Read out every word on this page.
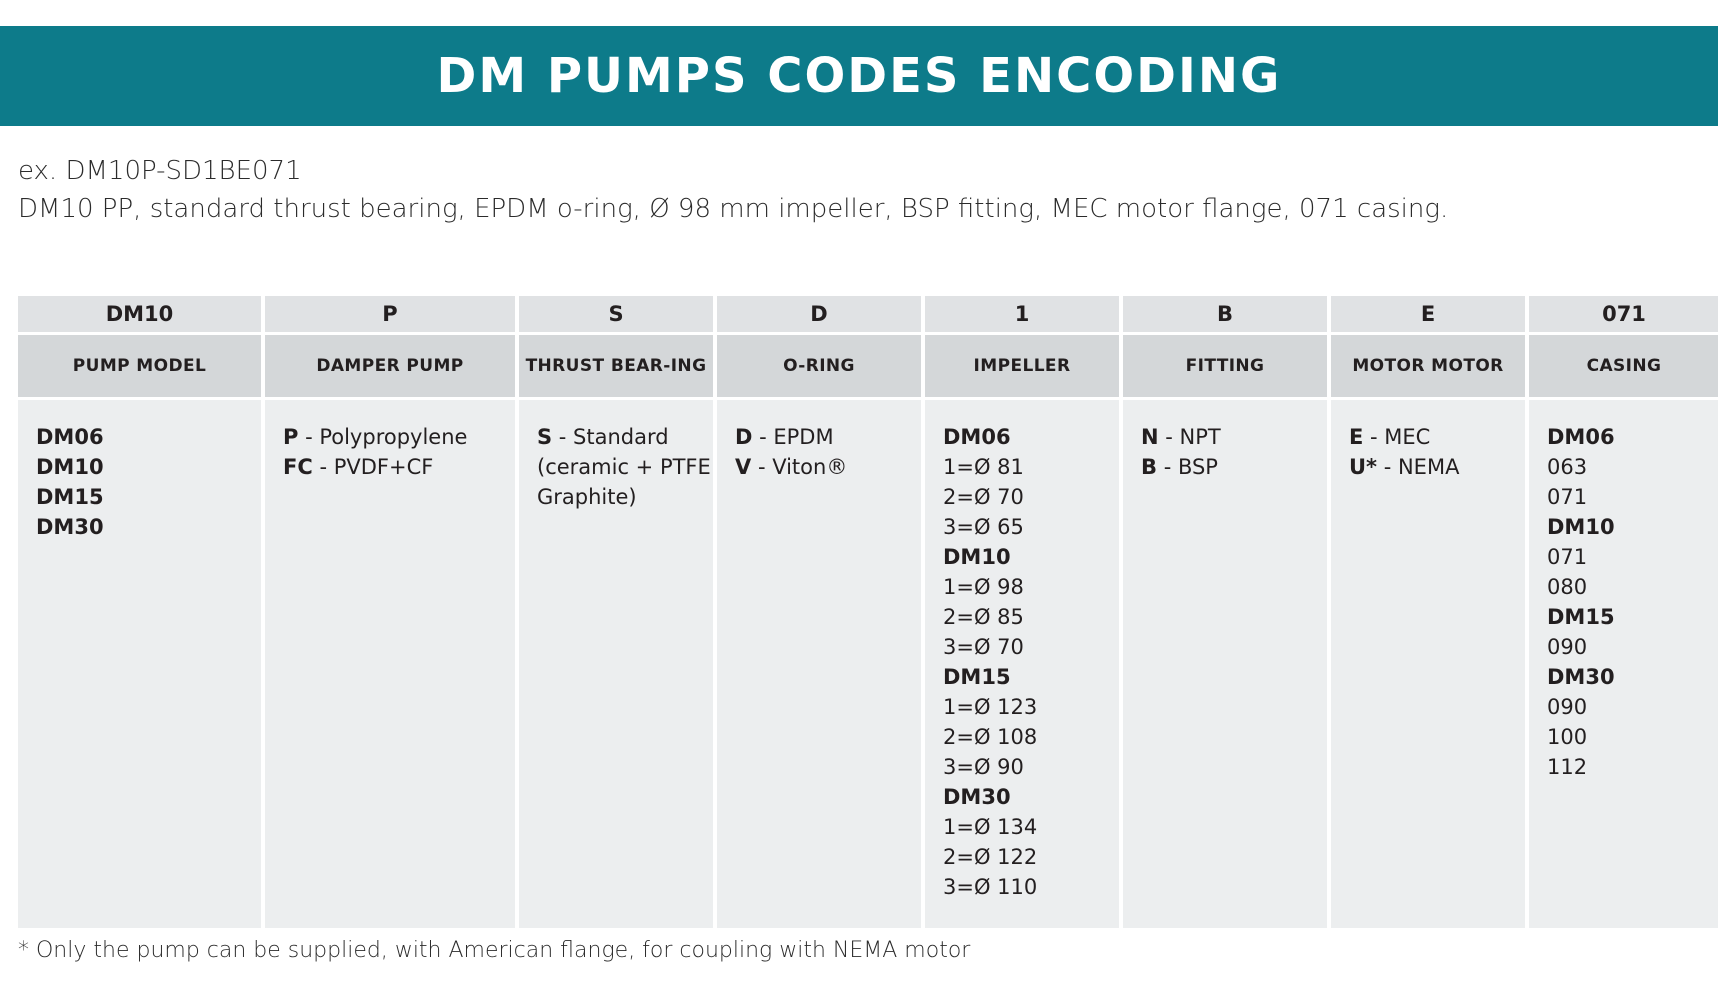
DM PUMPS CODES ENCODING
ex. DM10P-SD1BE071
DM10 PP, standard thrust bearing, EPDM o-ring, Ø 98 mm impeller, BSP fitting, MEC motor flange, 071 casing.
DM10
PUMP MODEL
DM06
DM10
DM15
DM30
P
DAMPER PUMP
P - Polypropylene
FC - PVDF+CF
S
THRUST BEAR-ING
S - Standard (ceramic + PTFE Graphite)
D
O-RING
D - EPDM
V - Viton®
1
IMPELLER
DM06
1=Ø 81
2=Ø 70
3=Ø 65
DM10
1=Ø 98
2=Ø 85
3=Ø 70
DM15
1=Ø 123
2=Ø 108
3=Ø 90
DM30
1=Ø 134
2=Ø 122
3=Ø 110
B
FITTING
N - NPT
B - BSP
E
MOTOR MOTOR
E - MEC
U* - NEMA
071
CASING
DM06
063
071
DM10
071
080
DM15
090
DM30
090
100
112
* Only the pump can be supplied, with American flange, for coupling with NEMA motor
